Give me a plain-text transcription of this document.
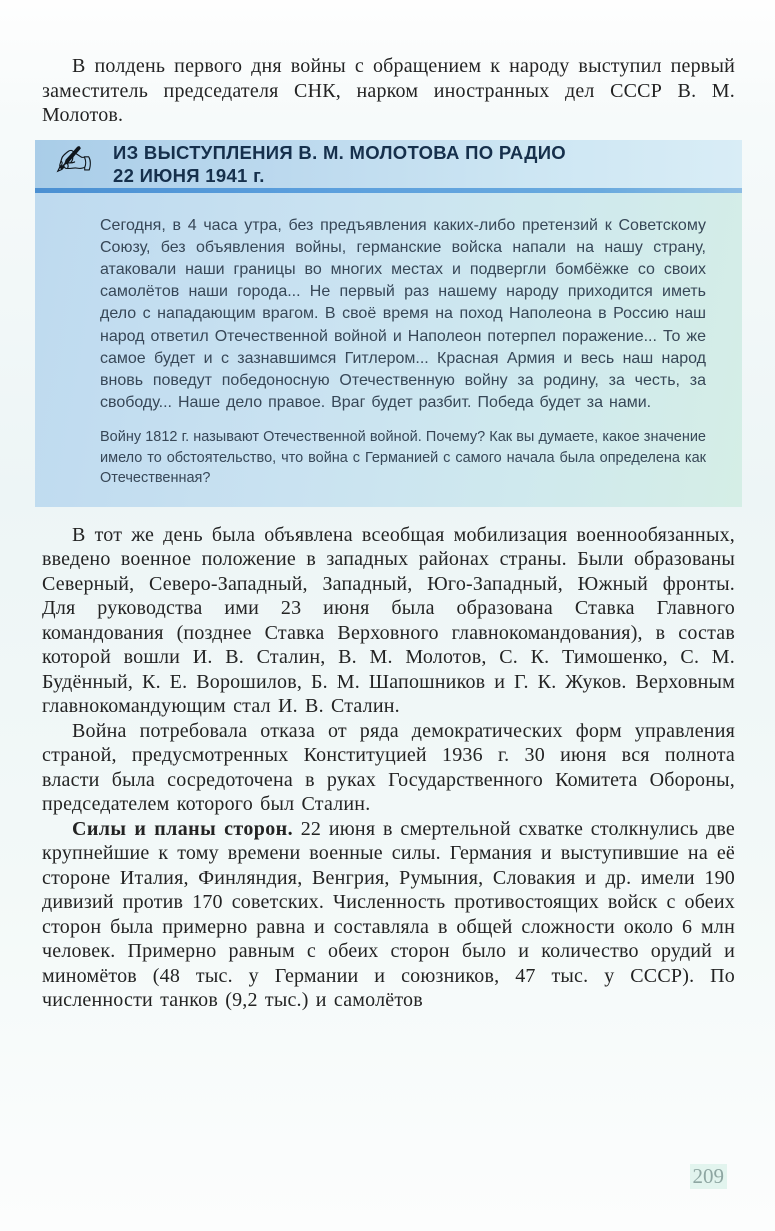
В полдень первого дня войны с обращением к народу выступил первый заместитель председателя СНК, нарком иностранных дел СССР В. М. Молотов.

✍	ИЗ ВЫСТУПЛЕНИЯ В. М. МОЛОТОВА ПО РАДИО
22 ИЮНЯ 1941 г.

Сегодня, в 4 часа утра, без предъявления каких-либо претензий к Советскому Союзу, без объявления войны, германские войска напали на нашу страну, атаковали наши границы во многих местах и подвергли бомбёжке со своих самолётов наши города... Не первый раз нашему народу приходится иметь дело с нападающим врагом. В своё время на поход Наполеона в Россию наш народ ответил Отечественной войной и Наполеон потерпел поражение... То же самое будет и с зазнавшимся Гитлером... Красная Армия и весь наш народ вновь поведут победоносную Отечественную войну за родину, за честь, за свободу... Наше дело правое. Враг будет разбит. Победа будет за нами.

Войну 1812 г. называют Отечественной войной. Почему? Как вы думаете, какое значение имело то обстоятельство, что война с Германией с самого начала была определена как Отечественная?

В тот же день была объявлена всеобщая мобилизация военнообязанных, введено военное положение в западных районах страны. Были образованы Северный, Северо-Западный, Западный, Юго-Западный, Южный фронты. Для руководства ими 23 июня была образована Ставка Главного командования (позднее Ставка Верховного главнокомандования), в состав которой вошли И. В. Сталин, В. М. Молотов, С. К. Тимошенко, С. М. Будённый, К. Е. Ворошилов, Б. М. Шапошников и Г. К. Жуков. Верховным главнокомандующим стал И. В. Сталин.

Война потребовала отказа от ряда демократических форм управления страной, предусмотренных Конституцией 1936 г. 30 июня вся полнота власти была сосредоточена в руках Государственного Комитета Обороны, председателем которого был Сталин.

Силы и планы сторон. 22 июня в смертельной схватке столкнулись две крупнейшие к тому времени военные силы. Германия и выступившие на её стороне Италия, Финляндия, Венгрия, Румыния, Словакия и др. имели 190 дивизий против 170 советских. Численность противостоящих войск с обеих сторон была примерно равна и составляла в общей сложности около 6 млн человек. Примерно равным с обеих сторон было и количество орудий и миномётов (48 тыс. у Германии и союзников, 47 тыс. у СССР). По численности танков (9,2 тыс.) и самолётов

209
